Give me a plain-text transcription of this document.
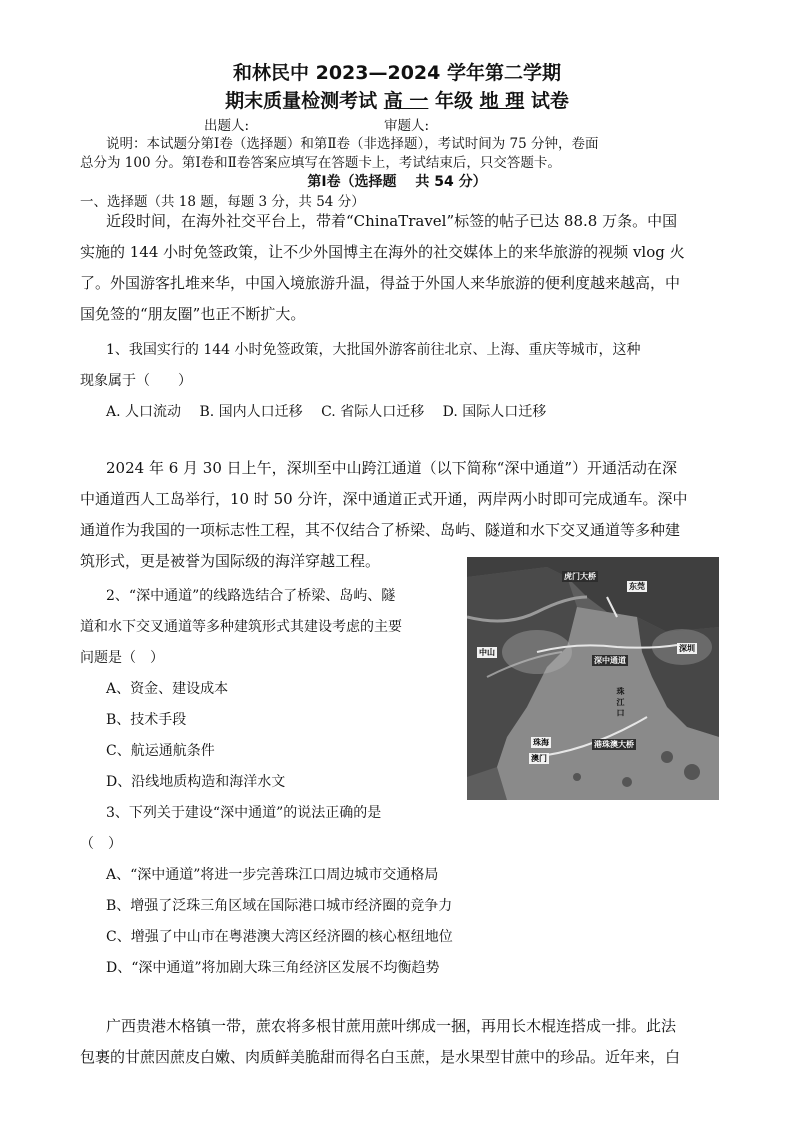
和林民中 2023—2024 学年第二学期
期末质量检测考试 高 一 年级 地 理 试卷
出题人:	审题人:
说明：本试题分第Ⅰ卷（选择题）和第Ⅱ卷（非选择题），考试时间为 75 分钟，卷面
总分为 100 分。第Ⅰ卷和Ⅱ卷答案应填写在答题卡上，考试结束后，只交答题卡。
第Ⅰ卷（选择题　 共 54 分）
一、选择题（共 18 题，每题 3 分，共 54 分）
近段时间，在海外社交平台上，带着“ChinaTravel”标签的帖子已达 88.8 万条。中国
实施的 144 小时免签政策，让不少外国博主在海外的社交媒体上的来华旅游的视频 vlog 火
了。外国游客扎堆来华，中国入境旅游升温，得益于外国人来华旅游的便利度越来越高，中
国免签的“朋友圈”也正不断扩大。
1、我国实行的 144 小时免签政策，大批国外游客前往北京、上海、重庆等城市，这种
现象属于（　　）
A. 人口流动　 B. 国内人口迁移　 C. 省际人口迁移　 D. 国际人口迁移
2024 年 6 月 30 日上午，深圳至中山跨江通道（以下简称“深中通道”）开通活动在深
中通道西人工岛举行，10 时 50 分许，深中通道正式开通，两岸两小时即可完成通车。深中
通道作为我国的一项标志性工程，其不仅结合了桥梁、岛屿、隧道和水下交叉通道等多种建
筑形式，更是被誉为国际级的海洋穿越工程。
2、“深中通道”的线路选结合了桥梁、岛屿、隧
道和水下交叉通道等多种建筑形式其建设考虑的主要
问题是（　）
A、资金、建设成本
B、技术手段
C、航运通航条件
D、沿线地质构造和海洋水文
3、下列关于建设“深中通道”的说法正确的是
（　）
A、“深中通道”将进一步完善珠江口周边城市交通格局
B、增强了泛珠三角区域在国际港口城市经济圈的竞争力
C、增强了中山市在粤港澳大湾区经济圈的核心枢纽地位
D、“深中通道”将加剧大珠三角经济区发展不均衡趋势
广西贵港木格镇一带，蔗农将多根甘蔗用蔗叶绑成一捆，再用长木棍连搭成一排。此法
包裹的甘蔗因蔗皮白嫩、肉质鲜美脆甜而得名白玉蔗，是水果型甘蔗中的珍品。近年来，白
虎门大桥
东莞
中山
深中通道
深圳
珠 江 口
珠海
澳门
港珠澳大桥
